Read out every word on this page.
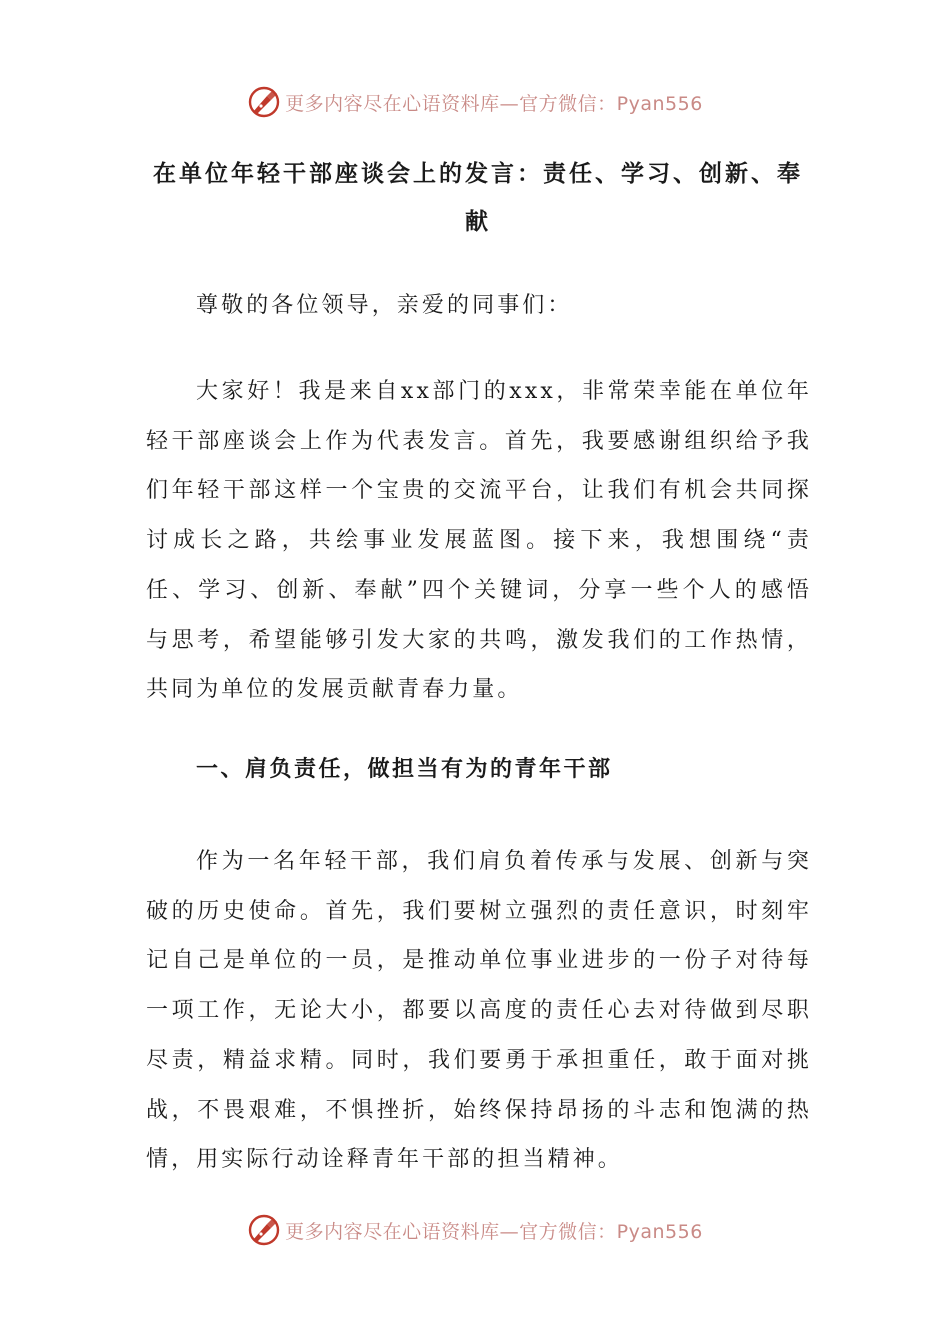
更多内容尽在心语资料库—官方微信：Pyan556
在单位年轻干部座谈会上的发言：责任、学习、创新、奉献

尊敬的各位领导，亲爱的同事们：

大家好！我是来自xx部门的xxx，非常荣幸能在单位年轻干部座谈会上作为代表发言。首先，我要感谢组织给予我们年轻干部这样一个宝贵的交流平台，让我们有机会共同探讨成长之路，共绘事业发展蓝图。接下来，我想围绕“责任、学习、创新、奉献”四个关键词，分享一些个人的感悟与思考，希望能够引发大家的共鸣，激发我们的工作热情，共同为单位的发展贡献青春力量。

一、肩负责任，做担当有为的青年干部

作为一名年轻干部，我们肩负着传承与发展、创新与突破的历史使命。首先，我们要树立强烈的责任意识，时刻牢记自己是单位的一员，是推动单位事业进步的一份子对待每一项工作，无论大小，都要以高度的责任心去对待做到尽职尽责，精益求精。同时，我们要勇于承担重任，敢于面对挑战，不畏艰难，不惧挫折，始终保持昂扬的斗志和饱满的热情，用实际行动诠释青年干部的担当精神。

更多内容尽在心语资料库—官方微信：Pyan556
